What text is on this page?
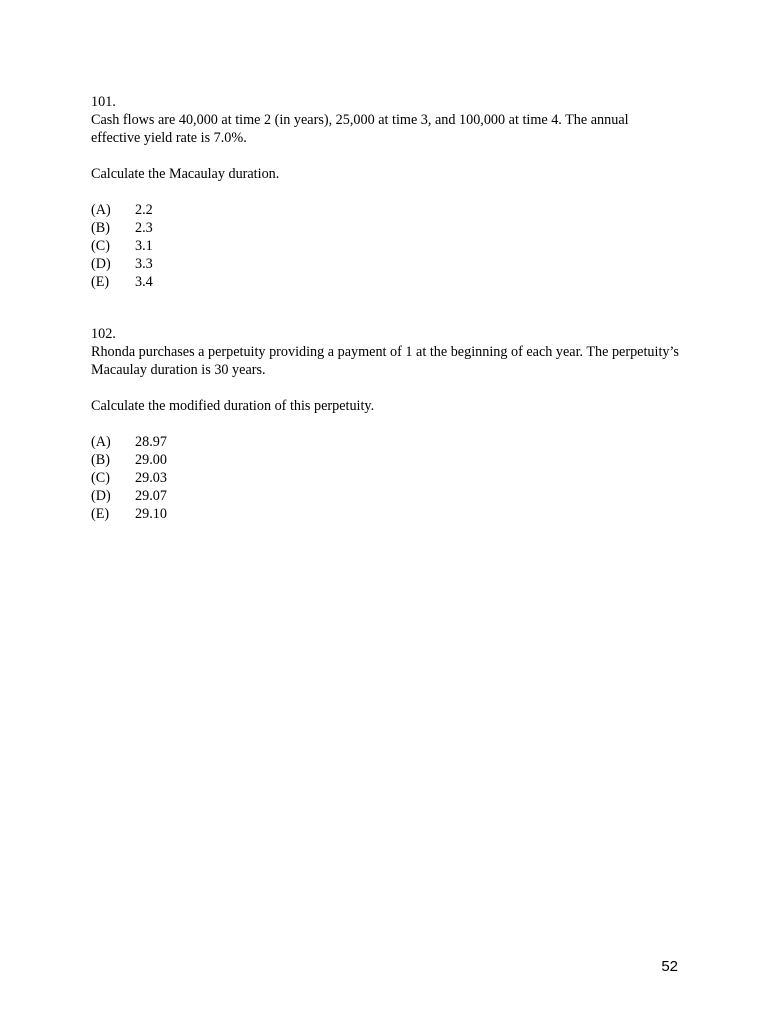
101.

Cash flows are 40,000 at time 2 (in years), 25,000 at time 3, and 100,000 at time 4. The annual effective yield rate is 7.0%.

Calculate the Macaulay duration.
(A) 2.2
(B) 2.3
(C) 3.1
(D) 3.3
(E) 3.4
102.

Rhonda purchases a perpetuity providing a payment of 1 at the beginning of each year. The perpetuity’s Macaulay duration is 30 years.

Calculate the modified duration of this perpetuity.
(A) 28.97
(B) 29.00
(C) 29.03
(D) 29.07
(E) 29.10
52
